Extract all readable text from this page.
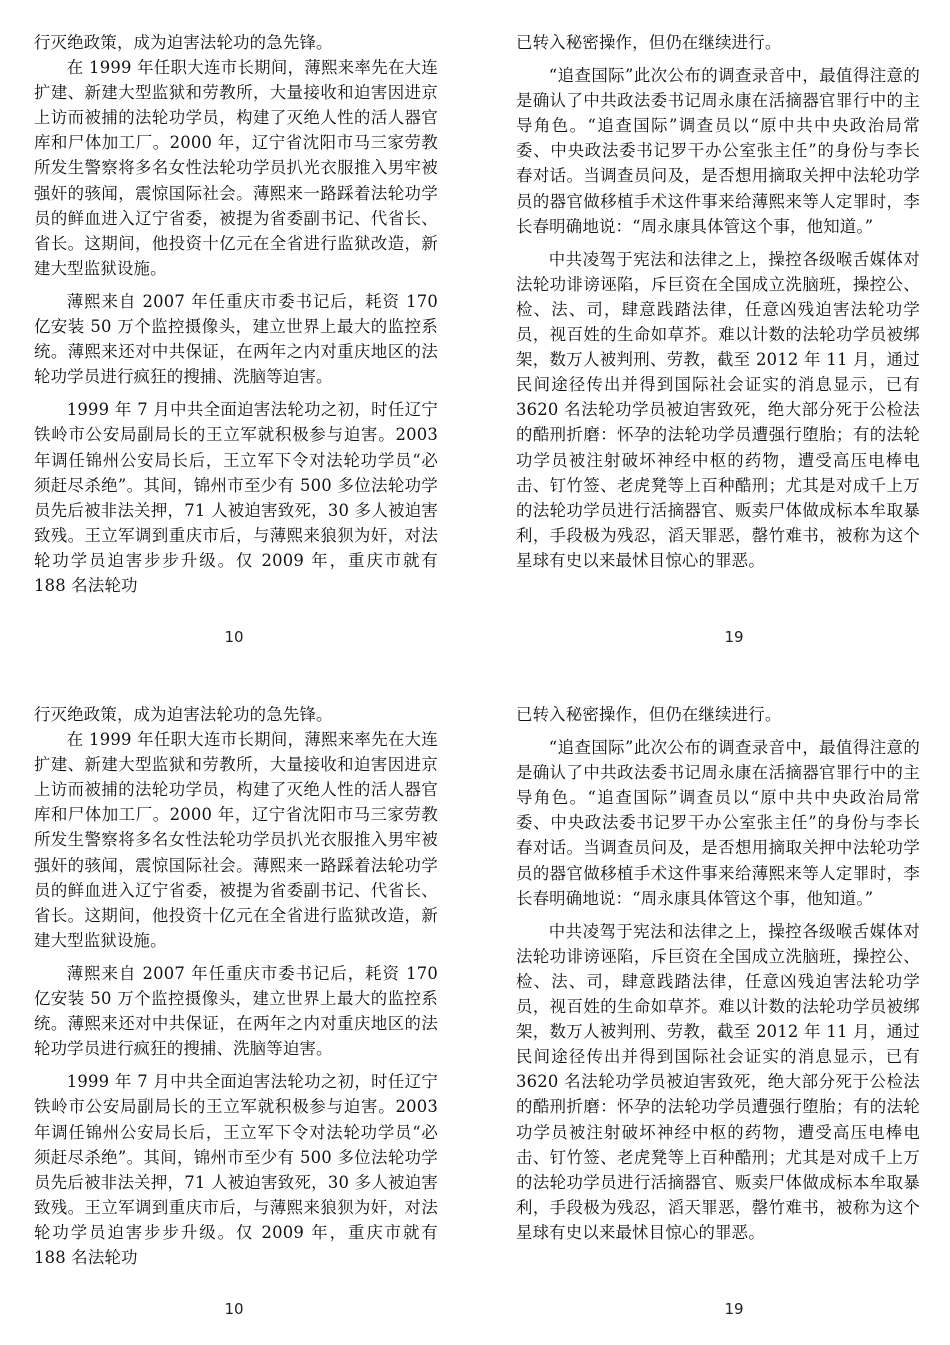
行灭绝政策，成为迫害法轮功的急先锋。

在 1999 年任职大连市长期间，薄熙来率先在大连扩建、新建大型监狱和劳教所，大量接收和迫害因进京上访而被捕的法轮功学员，构建了灭绝人性的活人器官库和尸体加工厂。2000 年，辽宁省沈阳市马三家劳教所发生警察将多名女性法轮功学员扒光衣服推入男牢被强奸的骇闻，震惊国际社会。薄熙来一路踩着法轮功学员的鲜血进入辽宁省委，被提为省委副书记、代省长、省长。这期间，他投资十亿元在全省进行监狱改造，新建大型监狱设施。

薄熙来自 2007 年任重庆市委书记后，耗资 170 亿安装 50 万个监控摄像头，建立世界上最大的监控系统。薄熙来还对中共保证，在两年之内对重庆地区的法轮功学员进行疯狂的搜捕、洗脑等迫害。

1999 年 7 月中共全面迫害法轮功之初，时任辽宁铁岭市公安局副局长的王立军就积极参与迫害。2003 年调任锦州公安局长后，王立军下令对法轮功学员“必须赶尽杀绝”。其间，锦州市至少有 500 多位法轮功学员先后被非法关押，71 人被迫害致死，30 多人被迫害致残。王立军调到重庆市后，与薄熙来狼狈为奸，对法轮功学员迫害步步升级。仅 2009 年，重庆市就有 188 名法轮功

10

已转入秘密操作，但仍在继续进行。

“追查国际”此次公布的调查录音中，最值得注意的是确认了中共政法委书记周永康在活摘器官罪行中的主导角色。“追查国际”调查员以“原中共中央政治局常委、中央政法委书记罗干办公室张主任”的身份与李长春对话。当调查员问及，是否想用摘取关押中法轮功学员的器官做移植手术这件事来给薄熙来等人定罪时，李长春明确地说：“周永康具体管这个事，他知道。”

中共凌驾于宪法和法律之上，操控各级喉舌媒体对法轮功诽谤诬陷，斥巨资在全国成立洗脑班，操控公、检、法、司，肆意践踏法律，任意凶残迫害法轮功学员，视百姓的生命如草芥。难以计数的法轮功学员被绑架，数万人被判刑、劳教，截至 2012 年 11 月，通过民间途径传出并得到国际社会证实的消息显示，已有 3620 名法轮功学员被迫害致死，绝大部分死于公检法的酷刑折磨：怀孕的法轮功学员遭强行堕胎；有的法轮功学员被注射破坏神经中枢的药物，遭受高压电棒电击、钉竹签、老虎凳等上百种酷刑；尤其是对成千上万的法轮功学员进行活摘器官、贩卖尸体做成标本牟取暴利，手段极为残忍，滔天罪恶，罄竹难书，被称为这个星球有史以来最怵目惊心的罪恶。

19

行灭绝政策，成为迫害法轮功的急先锋。

在 1999 年任职大连市长期间，薄熙来率先在大连扩建、新建大型监狱和劳教所，大量接收和迫害因进京上访而被捕的法轮功学员，构建了灭绝人性的活人器官库和尸体加工厂。2000 年，辽宁省沈阳市马三家劳教所发生警察将多名女性法轮功学员扒光衣服推入男牢被强奸的骇闻，震惊国际社会。薄熙来一路踩着法轮功学员的鲜血进入辽宁省委，被提为省委副书记、代省长、省长。这期间，他投资十亿元在全省进行监狱改造，新建大型监狱设施。

薄熙来自 2007 年任重庆市委书记后，耗资 170 亿安装 50 万个监控摄像头，建立世界上最大的监控系统。薄熙来还对中共保证，在两年之内对重庆地区的法轮功学员进行疯狂的搜捕、洗脑等迫害。

1999 年 7 月中共全面迫害法轮功之初，时任辽宁铁岭市公安局副局长的王立军就积极参与迫害。2003 年调任锦州公安局长后，王立军下令对法轮功学员“必须赶尽杀绝”。其间，锦州市至少有 500 多位法轮功学员先后被非法关押，71 人被迫害致死，30 多人被迫害致残。王立军调到重庆市后，与薄熙来狼狈为奸，对法轮功学员迫害步步升级。仅 2009 年，重庆市就有 188 名法轮功

10

已转入秘密操作，但仍在继续进行。

“追查国际”此次公布的调查录音中，最值得注意的是确认了中共政法委书记周永康在活摘器官罪行中的主导角色。“追查国际”调查员以“原中共中央政治局常委、中央政法委书记罗干办公室张主任”的身份与李长春对话。当调查员问及，是否想用摘取关押中法轮功学员的器官做移植手术这件事来给薄熙来等人定罪时，李长春明确地说：“周永康具体管这个事，他知道。”

中共凌驾于宪法和法律之上，操控各级喉舌媒体对法轮功诽谤诬陷，斥巨资在全国成立洗脑班，操控公、检、法、司，肆意践踏法律，任意凶残迫害法轮功学员，视百姓的生命如草芥。难以计数的法轮功学员被绑架，数万人被判刑、劳教，截至 2012 年 11 月，通过民间途径传出并得到国际社会证实的消息显示，已有 3620 名法轮功学员被迫害致死，绝大部分死于公检法的酷刑折磨：怀孕的法轮功学员遭强行堕胎；有的法轮功学员被注射破坏神经中枢的药物，遭受高压电棒电击、钉竹签、老虎凳等上百种酷刑；尤其是对成千上万的法轮功学员进行活摘器官、贩卖尸体做成标本牟取暴利，手段极为残忍，滔天罪恶，罄竹难书，被称为这个星球有史以来最怵目惊心的罪恶。

19
